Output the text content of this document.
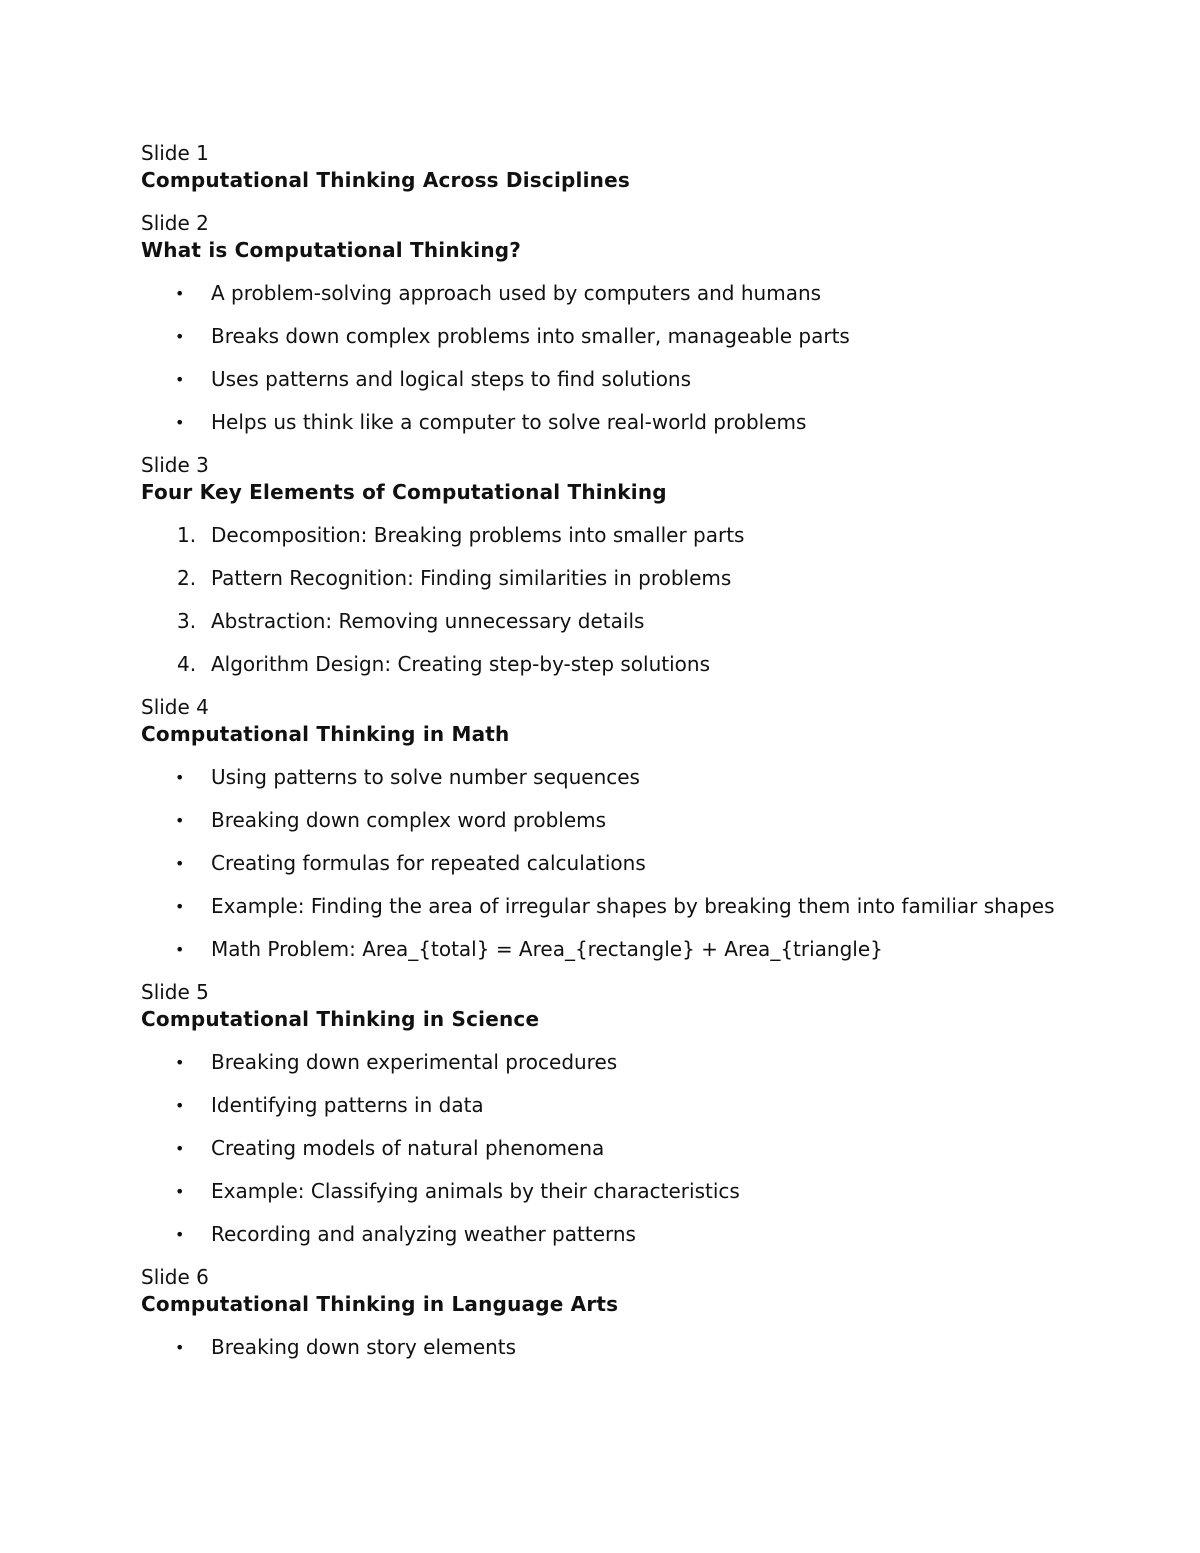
Slide 1
Computational Thinking Across Disciplines
Slide 2
What is Computational Thinking?
• A problem-solving approach used by computers and humans
• Breaks down complex problems into smaller, manageable parts
• Uses patterns and logical steps to find solutions
• Helps us think like a computer to solve real-world problems
Slide 3
Four Key Elements of Computational Thinking
1. Decomposition: Breaking problems into smaller parts
2. Pattern Recognition: Finding similarities in problems
3. Abstraction: Removing unnecessary details
4. Algorithm Design: Creating step-by-step solutions
Slide 4
Computational Thinking in Math
• Using patterns to solve number sequences
• Breaking down complex word problems
• Creating formulas for repeated calculations
• Example: Finding the area of irregular shapes by breaking them into familiar shapes
• Math Problem: Area_{total} = Area_{rectangle} + Area_{triangle}
Slide 5
Computational Thinking in Science
• Breaking down experimental procedures
• Identifying patterns in data
• Creating models of natural phenomena
• Example: Classifying animals by their characteristics
• Recording and analyzing weather patterns
Slide 6
Computational Thinking in Language Arts
• Breaking down story elements
